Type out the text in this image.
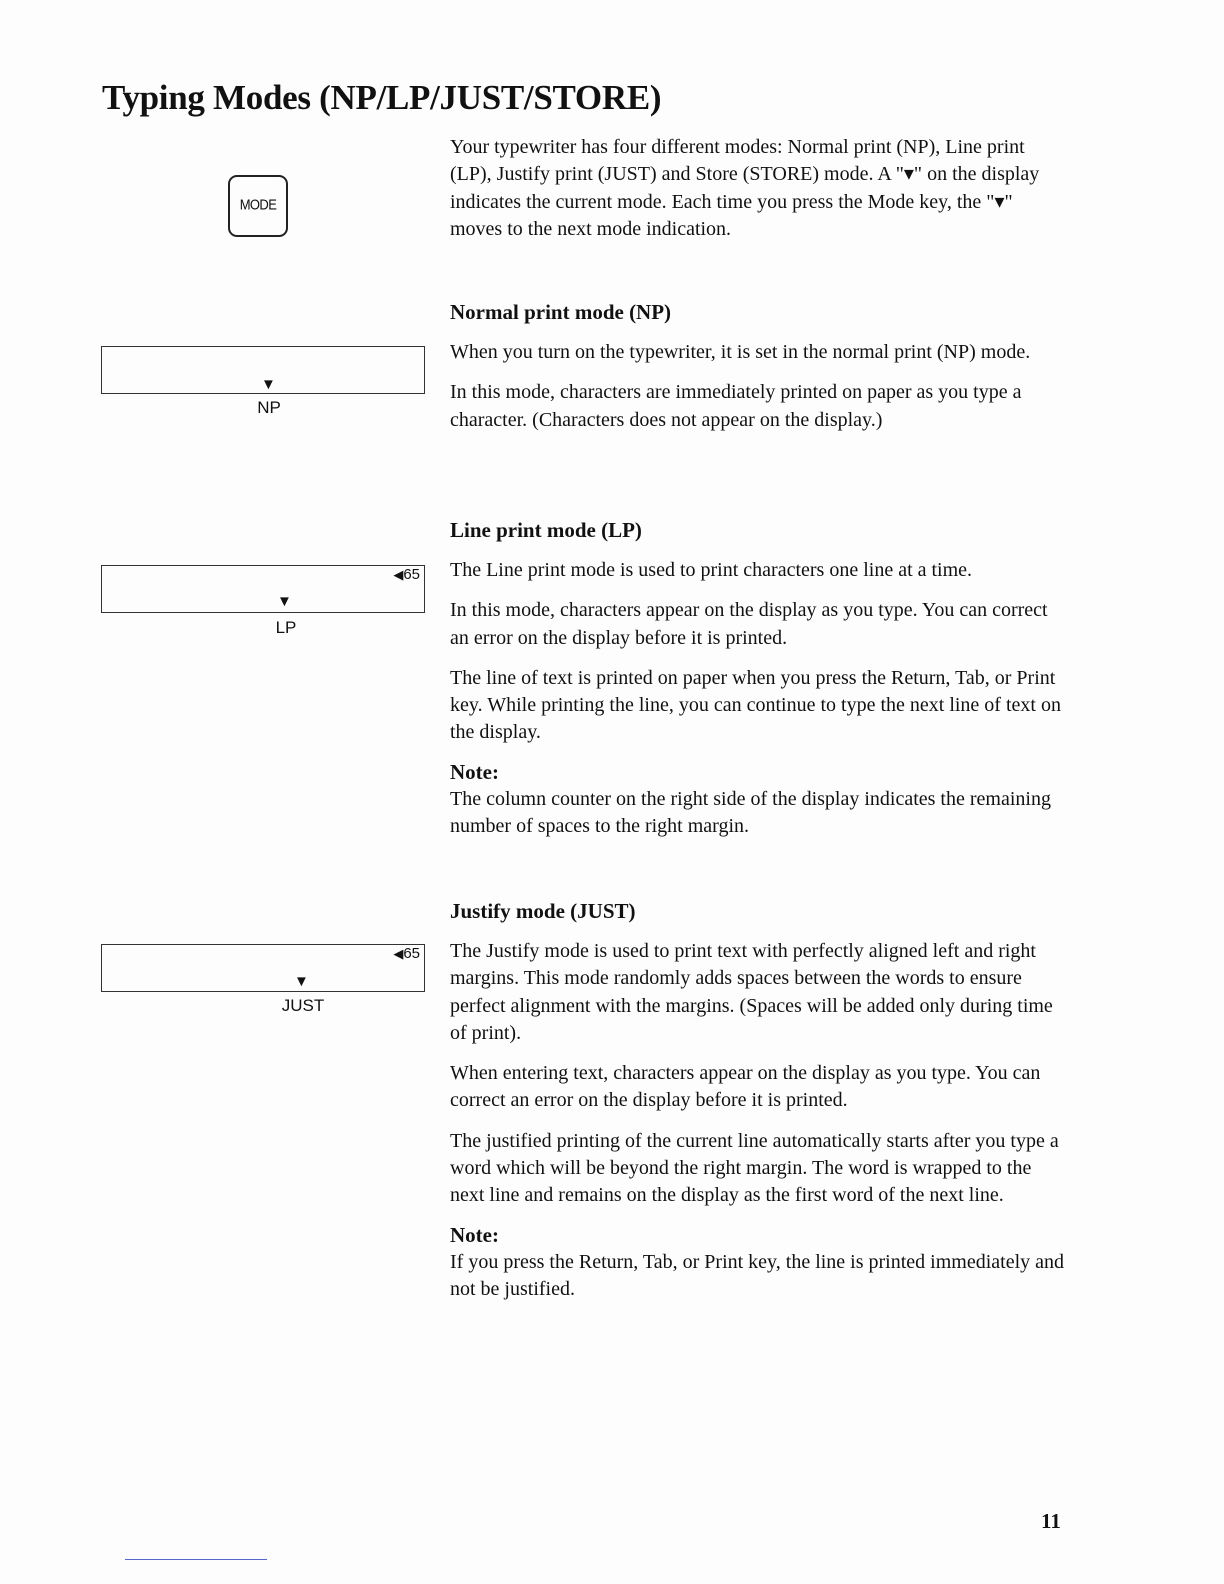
Typing Modes (NP/LP/JUST/STORE)
MODE
▼
NP
◀65
▼
LP
◀65
▼
JUST

Your typewriter has four different modes: Normal print (NP), Line print (LP), Justify print (JUST) and Store (STORE) mode. A "▾" on the display indicates the current mode. Each time you press the Mode key, the "▾" moves to the next mode indication.

Normal print mode (NP)

When you turn on the typewriter, it is set in the normal print (NP) mode.

In this mode, characters are immediately printed on paper as you type a character. (Characters does not appear on the display.)

Line print mode (LP)

The Line print mode is used to print characters one line at a time.

In this mode, characters appear on the display as you type. You can correct an error on the display before it is printed.

The line of text is printed on paper when you press the Return, Tab, or Print key. While printing the line, you can continue to type the next line of text on the display.

Note:

The column counter on the right side of the display indicates the remaining number of spaces to the right margin.

Justify mode (JUST)

The Justify mode is used to print text with perfectly aligned left and right margins. This mode randomly adds spaces between the words to ensure perfect alignment with the margins. (Spaces will be added only during time of print).

When entering text, characters appear on the display as you type. You can correct an error on the display before it is printed.

The justified printing of the current line automatically starts after you type a word which will be beyond the right margin. The word is wrapped to the next line and remains on the display as the first word of the next line.

Note:

If you press the Return, Tab, or Print key, the line is printed immediately and not be justified.

11
